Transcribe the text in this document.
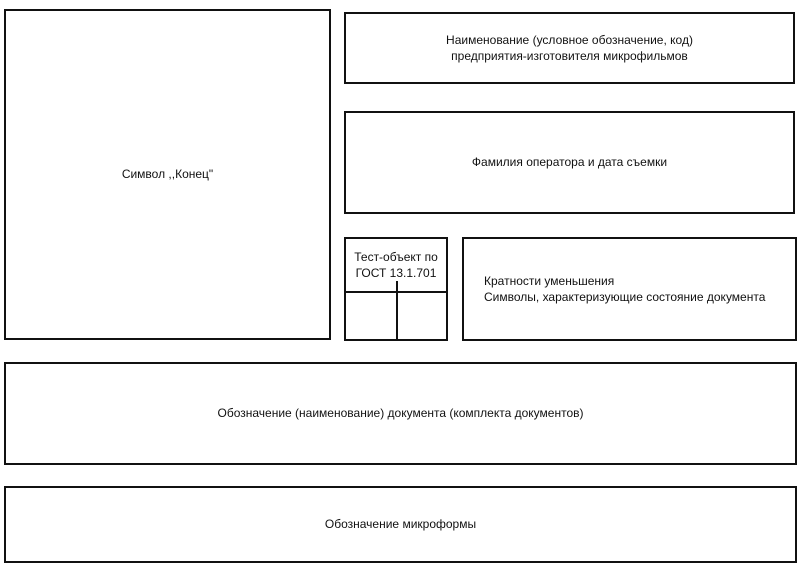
Символ ,,Конец"
Наименование (условное обозначение, код)
предприятия-изготовителя микрофильмов
Фамилия оператора и дата съемки
Тест-объект по
ГОСТ 13.1.701
Кратности уменьшения
Символы, характеризующие состояние документа
Обозначение (наименование) документа (комплекта документов)
Обозначение микроформы
